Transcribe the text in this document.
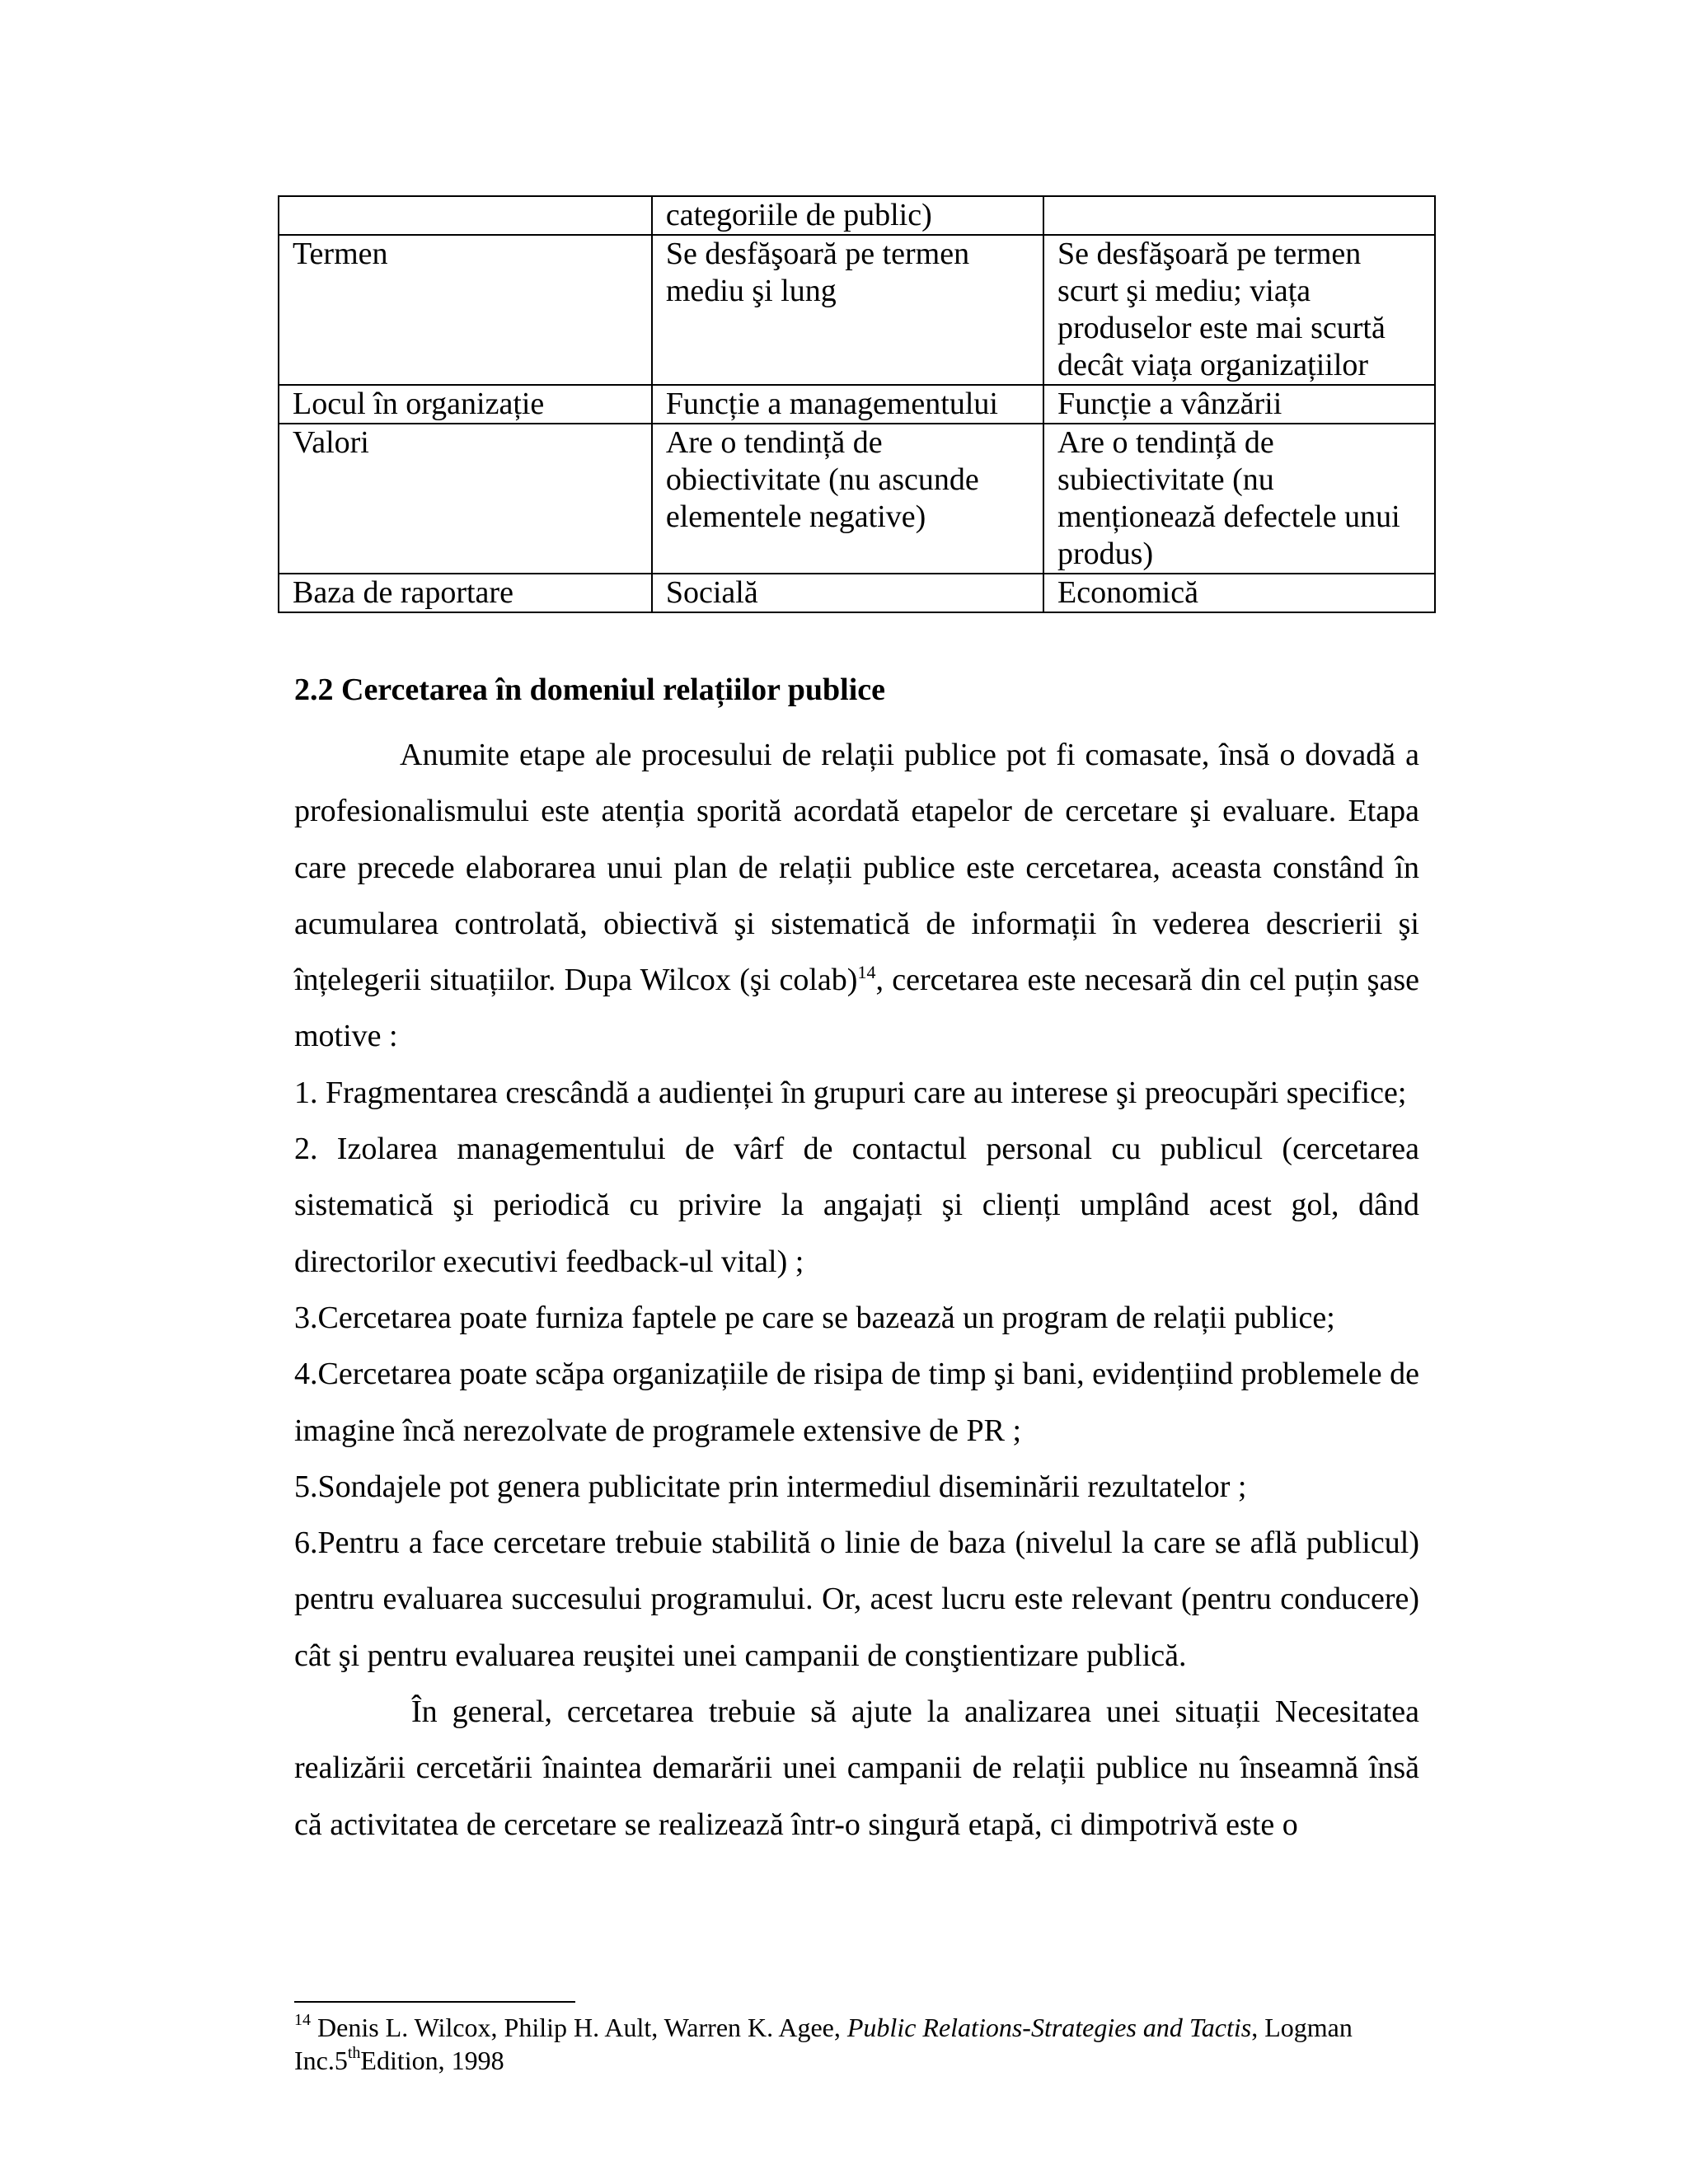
	categoriile de public)	
Termen	Se desfăşoară pe termen mediu şi lung	Se desfăşoară pe termen scurt şi mediu; viața produselor este mai scurtă decât viața organizațiilor
Locul în organizație	Funcție a managementului	Funcție a vânzării
Valori	Are o tendință de obiectivitate (nu ascunde elementele negative)	Are o tendință de subiectivitate (nu menționează defectele unui produs)
Baza de raportare	Socială	Economică
2.2 Cercetarea în domeniul relațiilor publice

Anumite etape ale procesului de relații publice pot fi comasate, însă o dovadă a profesionalismului este atenția sporită acordată etapelor de cercetare şi evaluare. Etapa care precede elaborarea unui plan de relații publice este cercetarea, aceasta constând în acumularea controlată, obiectivă şi sistematică de informații în vederea descrierii şi înțelegerii situațiilor. Dupa Wilcox (şi colab)$^{14}$, cercetarea este necesară din cel puțin şase motive :

1. Fragmentarea crescândă a audienței în grupuri care au interese şi preocupări specifice;

2. Izolarea managementului de vârf de contactul personal cu publicul (cercetarea sistematică şi periodică cu privire la angajați şi clienți umplând acest gol, dând directorilor executivi feedback-ul vital) ;

3.Cercetarea poate furniza faptele pe care se bazează un program de relații publice;

4.Cercetarea poate scăpa organizațiile de risipa de timp şi bani, evidențiind problemele de imagine încă nerezolvate de programele extensive de PR ;

5.Sondajele pot genera publicitate prin intermediul diseminării rezultatelor ;

6.Pentru a face cercetare trebuie stabilită o linie de baza (nivelul la care se află publicul) pentru evaluarea succesului programului. Or, acest lucru este relevant (pentru conducere) cât şi pentru evaluarea reuşitei unei campanii de conştientizare publică.

În general, cercetarea trebuie să ajute la analizarea unei situații Necesitatea realizării cercetării înaintea demarării unei campanii de relații publice nu înseamnă însă că activitatea de cercetare se realizează într-o singură etapă, ci dimpotrivă este o

$^{14}$ Denis L. Wilcox, Philip H. Ault, Warren K. Agee, Public Relations-Strategies and Tactis, Logman Inc.5thEdition, 1998
